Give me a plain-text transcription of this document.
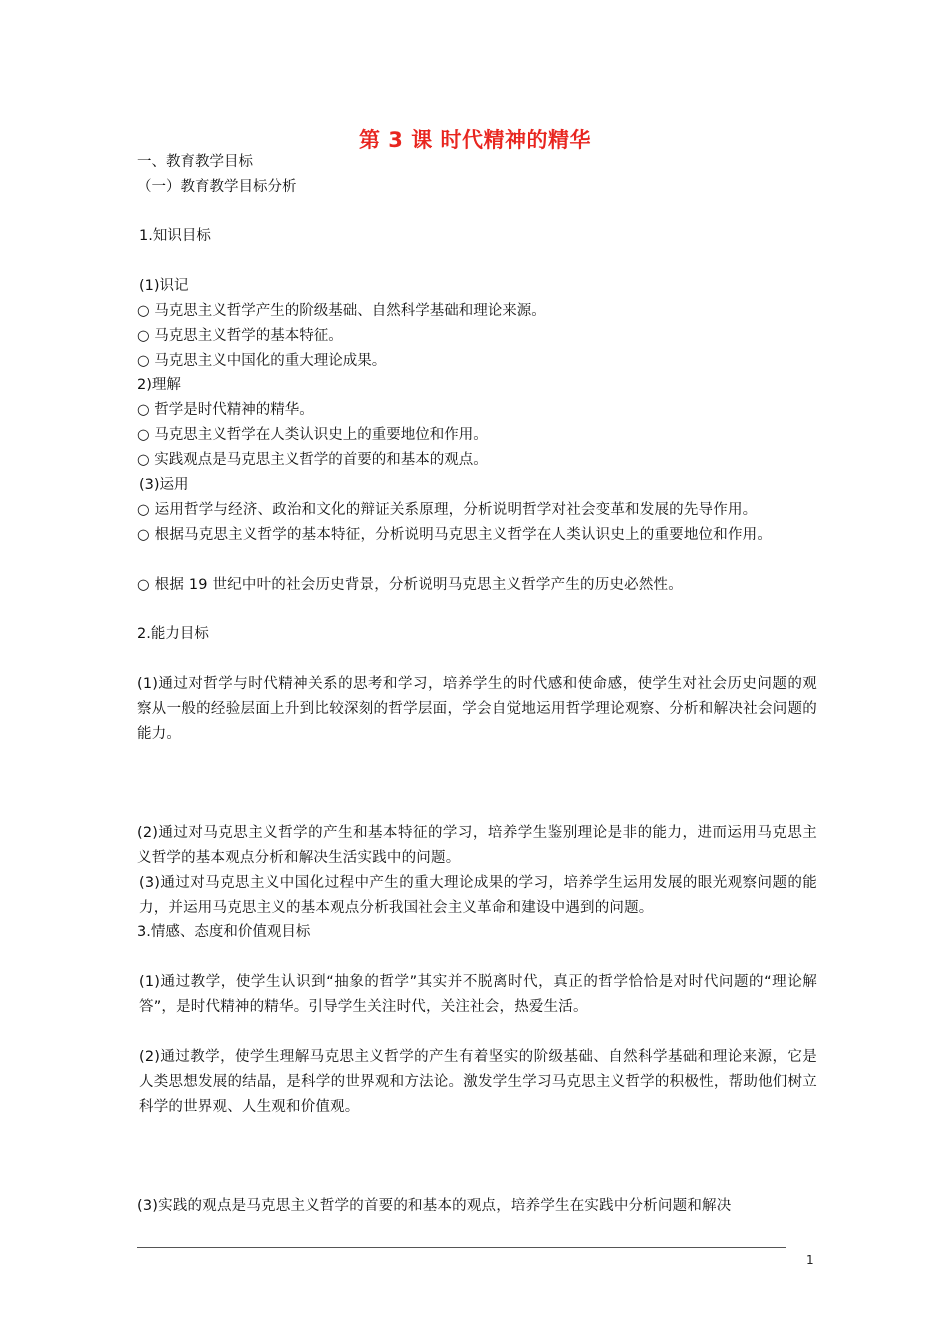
第 3 课 时代精神的精华
一、教育教学目标
（一）教育教学目标分析
1.知识目标
(1)识记
○ 马克思主义哲学产生的阶级基础、自然科学基础和理论来源。
○ 马克思主义哲学的基本特征。
○ 马克思主义中国化的重大理论成果。
2)理解
○ 哲学是时代精神的精华。
○ 马克思主义哲学在人类认识史上的重要地位和作用。
○ 实践观点是马克思主义哲学的首要的和基本的观点。
(3)运用
○ 运用哲学与经济、政治和文化的辩证关系原理，分析说明哲学对社会变革和发展的先导作用。
○ 根据马克思主义哲学的基本特征，分析说明马克思主义哲学在人类认识史上的重要地位和作用。
○ 根据 19 世纪中叶的社会历史背景，分析说明马克思主义哲学产生的历史必然性。
2.能力目标
(1)通过对哲学与时代精神关系的思考和学习，培养学生的时代感和使命感，使学生对社会历史问题的观察从一般的经验层面上升到比较深刻的哲学层面，学会自觉地运用哲学理论观察、分析和解决社会问题的能力。
(2)通过对马克思主义哲学的产生和基本特征的学习，培养学生鉴别理论是非的能力，进而运用马克思主义哲学的基本观点分析和解决生活实践中的问题。
(3)通过对马克思主义中国化过程中产生的重大理论成果的学习，培养学生运用发展的眼光观察问题的能力，并运用马克思主义的基本观点分析我国社会主义革命和建设中遇到的问题。
3.情感、态度和价值观目标
(1)通过教学，使学生认识到“抽象的哲学”其实并不脱离时代，真正的哲学恰恰是对时代问题的“理论解答”，是时代精神的精华。引导学生关注时代，关注社会，热爱生活。
(2)通过教学，使学生理解马克思主义哲学的产生有着坚实的阶级基础、自然科学基础和理论来源，它是人类思想发展的结晶，是科学的世界观和方法论。激发学生学习马克思主义哲学的积极性，帮助他们树立科学的世界观、人生观和价值观。
(3)实践的观点是马克思主义哲学的首要的和基本的观点，培养学生在实践中分析问题和解决
1
